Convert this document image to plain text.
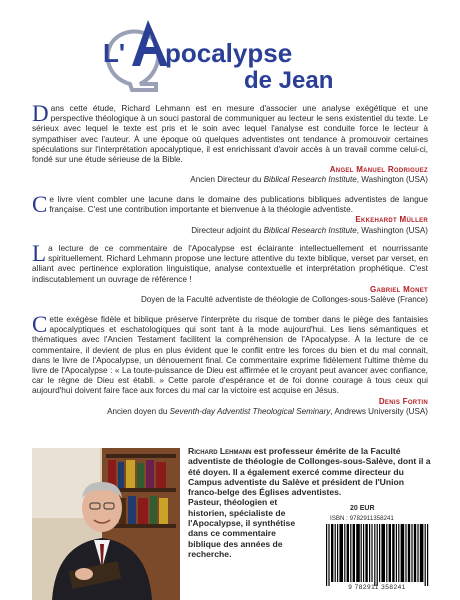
L' pocalypse
de Jean

Dans cette étude, Richard Lehmann est en mesure d'associer une analyse exégétique et une perspective théologique à un souci pastoral de communiquer au lecteur le sens existentiel du texte. Le sérieux avec lequel le texte est pris et le soin avec lequel l'analyse est conduite force le lecteur à sympathiser avec l'auteur. À une époque où quelques adventistes ont tendance à promouvoir certaines spéculations sur l'interprétation apocalyptique, il est enrichissant d'avoir accès à un travail comme celui-ci, fondé sur une étude sérieuse de la Bible.

Angel Manuel Rodriguez
Ancien Directeur du Biblical Research Institute, Washington (USA)

Ce livre vient combler une lacune dans le domaine des publications bibliques adventistes de langue française. C'est une contribution importante et bienvenue à la théologie adventiste.

Ekkehardt Müller
Directeur adjoint du Biblical Research Institute, Washington (USA)

La lecture de ce commentaire de l'Apocalypse est éclairante intellectuellement et nourrissante spirituellement. Richard Lehmann propose une lecture attentive du texte biblique, verset par verset, en alliant avec pertinence exploration linguistique, analyse contextuelle et interprétation prophétique. C'est indiscutablement un ouvrage de référence !

Gabriel Monet
Doyen de la Faculté adventiste de théologie de Collonges-sous-Salève (France)

Cette exégèse fidèle et biblique préserve l'interprète du risque de tomber dans le piège des fantaisies apocalyptiques et eschatologiques qui sont tant à la mode aujourd'hui. Les liens sémantiques et thématiques avec l'Ancien Testament facilitent la compréhension de l'Apocalypse. À la lecture de ce commentaire, il devient de plus en plus évident que le conflit entre les forces du bien et du mal connait, dans le livre de l'Apocalypse, un dénouement final. Ce commentaire exprime fidèlement l'ultime thème du livre de l'Apocalypse : « La toute-puissance de Dieu est affirmée et le croyant peut avancer avec confiance, car le règne de Dieu est établi. » Cette parole d'espérance et de foi donne courage à tous ceux qui aujourd'hui doivent faire face aux forces du mal car la victoire est acquise en Jésus.

Denis Fortin
Ancien doyen du Seventh-day Adventist Theological Seminary, Andrews University (USA)
Richard Lehmann est professeur émérite de la Faculté adventiste de théologie de Collonges-sous-Salève, dont il a été doyen. Il a également exercé comme directeur du Campus adventiste du Salève et président de l'Union franco-belge des Églises adventistes.
Pasteur, théologien et historien, spécialiste de l'Apocalypse, il synthétise dans ce commentaire biblique des années de recherche.
20 EUR
ISBN : 9782911358241
9 782911 358241
